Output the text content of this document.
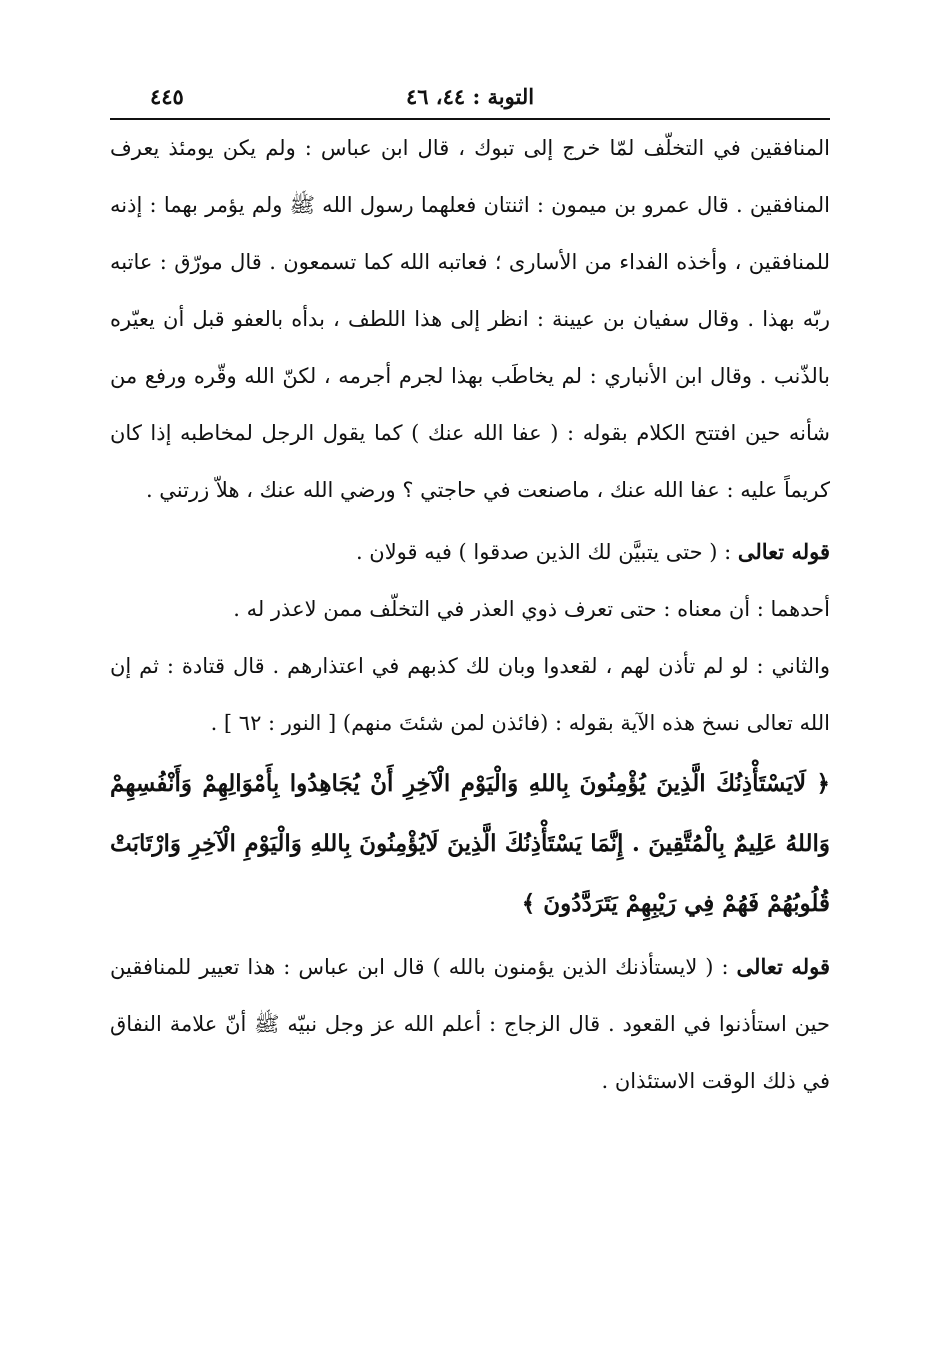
التوبة : ٤٤، ٤٦
٤٤٥

المنافقين في التخلّف لمّا خرج إلى تبوك ، قال ابن عباس : ولم يكن يومئذ يعرف المنافقين . قال عمرو بن ميمون : اثنتان فعلهما رسول الله ﷺ ولم يؤمر بهما : إذنه للمنافقين ، وأخذه الفداء من الأسارى ؛ فعاتبه الله كما تسمعون . قال مورّق : عاتبه ربّه بهذا . وقال سفيان بن عيينة : انظر إلى هذا اللطف ، بدأه بالعفو قبل أن يعيّره بالذّنب . وقال ابن الأنباري : لم يخاطَب بهذا لجرم أجرمه ، لكنّ الله وقّره ورفع من شأنه حين افتتح الكلام بقوله : ( عفا الله عنك ) كما يقول الرجل لمخاطبه إذا كان كريماً عليه : عفا الله عنك ، ماصنعت في حاجتي ؟ ورضي الله عنك ، هلاّ زرتني .

قوله تعالى : ( حتى يتبيَّن لك الذين صدقوا ) فيه قولان .

أحدهما : أن معناه : حتى تعرف ذوي العذر في التخلّف ممن لاعذر له .

والثاني : لو لم تأذن لهم ، لقعدوا وبان لك كذبهم في اعتذارهم . قال قتادة : ثم إن الله تعالى نسخ هذه الآية بقوله : (فائذن لمن شئتَ منهم) [ النور : ٦٢ ] .

﴿ لَايَسْتَأْذِنُكَ الَّذِينَ يُؤْمِنُونَ بِاللهِ وَالْيَوْمِ الْآخِرِ أَنْ يُجَاهِدُوا بِأَمْوَالِهِمْ وَأَنْفُسِهِمْ وَاللهُ عَلِيمٌ بِالْمُتَّقِينَ . إِنَّمَا يَسْتَأْذِنُكَ الَّذِينَ لَايُؤْمِنُونَ بِاللهِ وَالْيَوْمِ الْآخِرِ وَارْتَابَتْ قُلُوبُهُمْ فَهُمْ فِي رَيْبِهِمْ يَتَرَدَّدُونَ ﴾

قوله تعالى : ( لايستأذنك الذين يؤمنون بالله ) قال ابن عباس : هذا تعيير للمنافقين حين استأذنوا في القعود . قال الزجاج : أعلم الله عز وجل نبيّه ﷺ أنّ علامة النفاق في ذلك الوقت الاستئذان .
